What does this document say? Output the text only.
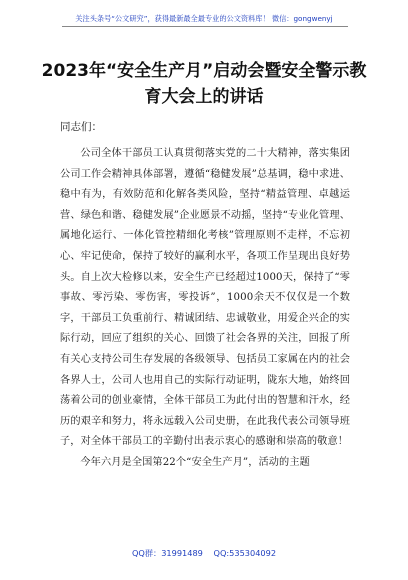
关注头条号“公文研究”，获得最新最全最专业的公文资料库！ 微信：gongwenyj
2023年“安全生产月”启动会暨安全警示教育大会上的讲话
同志们：

公司全体干部员工认真贯彻落实党的二十大精神，落实集团公司工作会精神具体部署，遵循“稳健发展”总基调，稳中求进、稳中有为，有效防范和化解各类风险，坚持“精益管理、卓越运营、绿色和谐、稳健发展”企业愿景不动摇，坚持“专业化管理、属地化运行、一体化管控精细化考核”管理原则不走样，不忘初心、牢记使命，保持了较好的赢利水平，各项工作呈现出良好势头。自上次大检修以来，安全生产已经超过1000天，保持了“零事故、零污染、零伤害，零投诉”，1000余天不仅仅是一个数字，干部员工负重前行、精诚团结、忠诚敬业，用爱企兴企的实际行动，回应了组织的关心、回馈了社会各界的关注，回报了所有关心支持公司生存发展的各级领导、包括员工家属在内的社会各界人士，公司人也用自己的实际行动证明，陇东大地，始终回荡着公司的创业豪情，全体干部员工为此付出的智慧和汗水，经历的艰辛和努力，将永远载入公司史册，在此我代表公司领导班子，对全体干部员工的辛勤付出表示衷心的感谢和崇高的敬意！

今年六月是全国第22个“安全生产月”，活动的主题

QQ群：31991489 QQ:535304092
